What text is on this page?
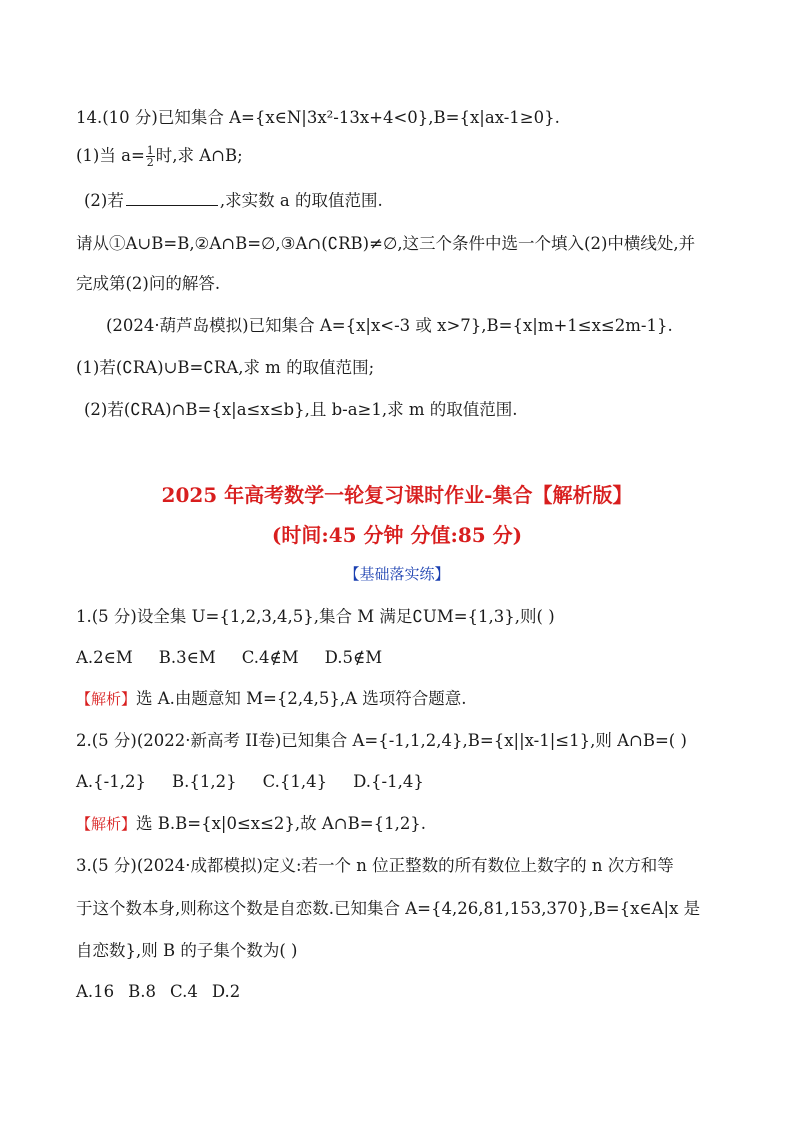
14.(10 分)已知集合 A={x∈N|3x²-13x+4<0},B={x|ax-1≥0}.
(1)当 $a= \frac{1}{2}$ 时,求 A∩B;
(2)若	,求实数 a 的取值范围.
请从①A∪B=B,②A∩B=∅,③A∩(∁RB)≠∅,这三个条件中选一个填入(2)中横线处,并
完成第(2)问的解答.
(2024·葫芦岛模拟)已知集合 A={x|x<-3 或 x>7},B={x|m+1≤x≤2m-1}.
(1)若(∁RA)∪B=∁RA,求 m 的取值范围;
(2)若(∁RA)∩B={x|a≤x≤b},且 b-a≥1,求 m 的取值范围.
2025 年高考数学一轮复习课时作业-集合【解析版】
(时间:45 分钟 分值:85 分)
【基础落实练】
1.(5 分)设全集 U={1,2,3,4,5},集合 M 满足∁UM={1,3},则( )
A.2∈M B.3∈M C.4∉M D.5∉M
【解析】选 A.由题意知 M={2,4,5},A 选项符合题意.
2.(5 分)(2022·新高考 II卷)已知集合 A={-1,1,2,4},B={x||x-1|≤1},则 A∩B=( )
A.{-1,2} B.{1,2} C.{1,4} D.{-1,4}
【解析】选 B.B={x|0≤x≤2},故 A∩B={1,2}.
3.(5 分)(2024·成都模拟)定义:若一个 n 位正整数的所有数位上数字的 n 次方和等
于这个数本身,则称这个数是自恋数.已知集合 A={4,26,81,153,370},B={x∈A|x 是
自恋数},则 B 的子集个数为( )
A.16 B.8 C.4 D.2
